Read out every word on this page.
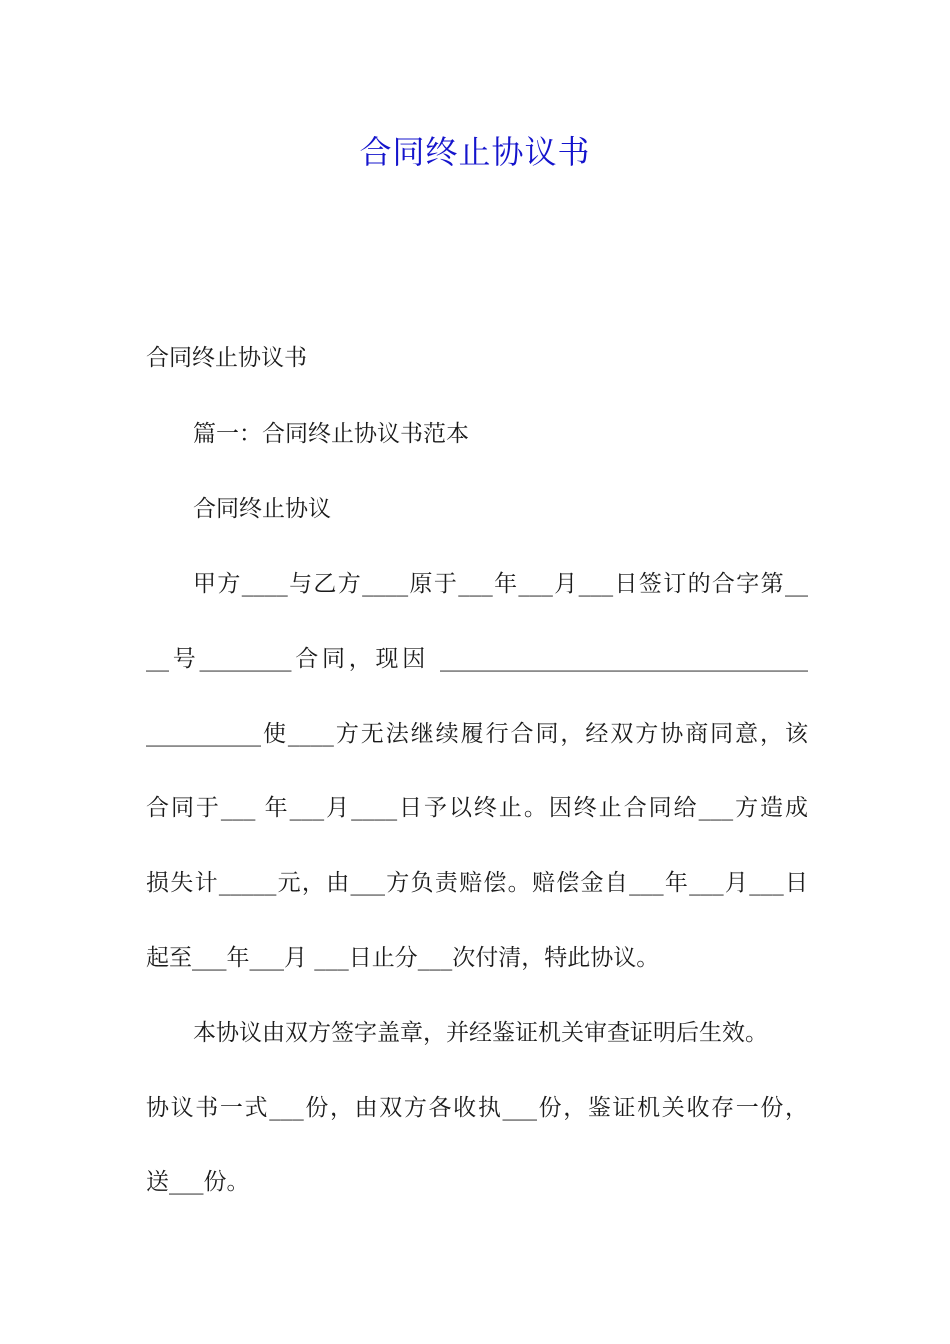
合同终止协议书

合同终止协议书

篇一：合同终止协议书范本

合同终止协议

甲方____与乙方____原于___年___月___日签订的合字第__

__号________合同，现因 ________________________________

__________使____方无法继续履行合同，经双方协商同意，该

合同于___ 年___月____日予以终止。因终止合同给___方造成

损失计_____元，由___方负责赔偿。赔偿金自___年___月___日

起至___年___月 ___日止分___次付清，特此协议。

本协议由双方签字盖章，并经鉴证机关审查证明后生效。

协议书一式___份，由双方各收执___份，鉴证机关收存一份，

送___份。
